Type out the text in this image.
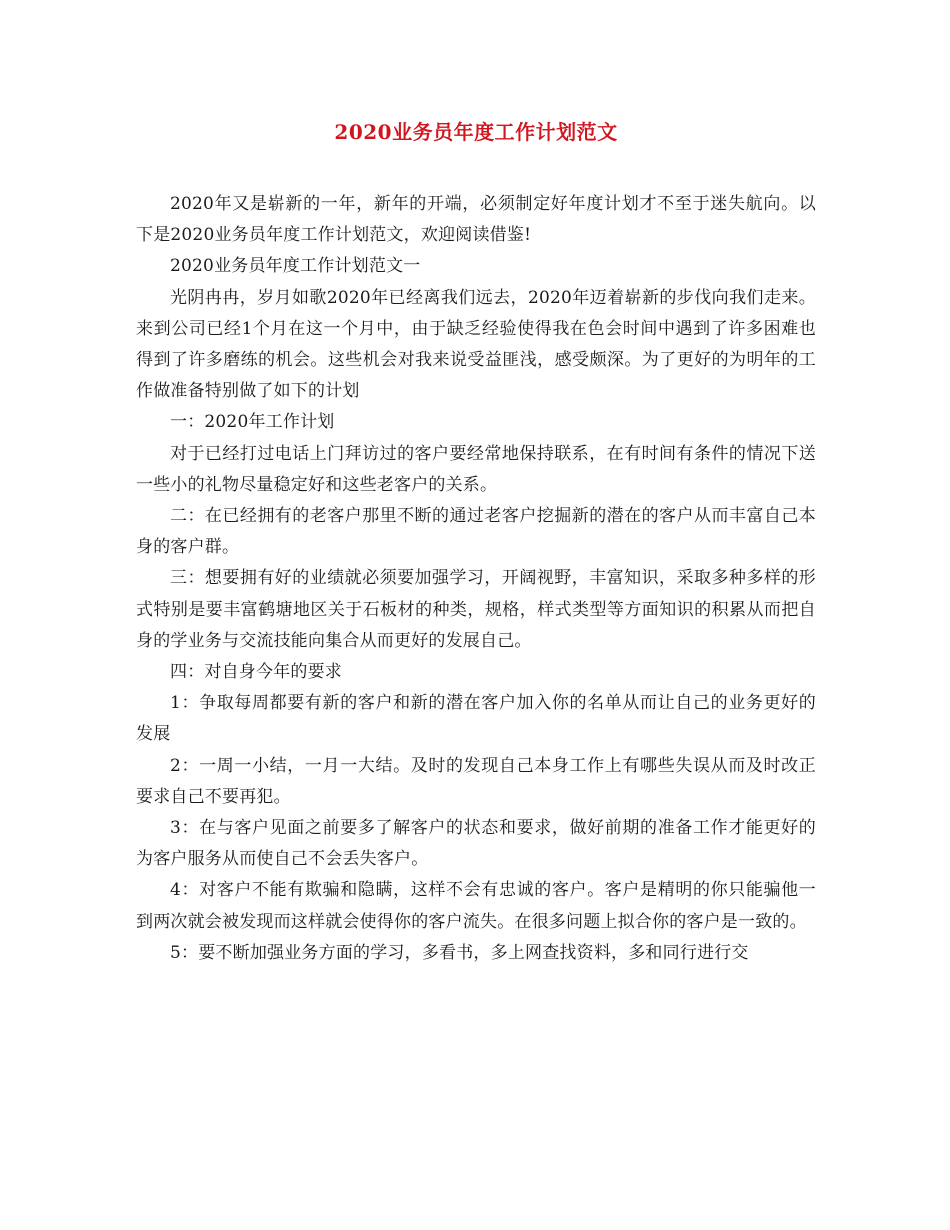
2020业务员年度工作计划范文

2020年又是崭新的一年，新年的开端，必须制定好年度计划才不至于迷失航向。以下是2020业务员年度工作计划范文，欢迎阅读借鉴!

2020业务员年度工作计划范文一

光阴冉冉，岁月如歌2020年已经离我们远去，2020年迈着崭新的步伐向我们走来。来到公司已经1个月在这一个月中，由于缺乏经验使得我在色会时间中遇到了许多困难也得到了许多磨练的机会。这些机会对我来说受益匪浅，感受颇深。为了更好的为明年的工作做准备特别做了如下的计划

一：2020年工作计划

对于已经打过电话上门拜访过的客户要经常地保持联系，在有时间有条件的情况下送一些小的礼物尽量稳定好和这些老客户的关系。

二：在已经拥有的老客户那里不断的通过老客户挖掘新的潜在的客户从而丰富自己本身的客户群。

三：想要拥有好的业绩就必须要加强学习，开阔视野，丰富知识，采取多种多样的形式特别是要丰富鹤塘地区关于石板材的种类，规格，样式类型等方面知识的积累从而把自身的学业务与交流技能向集合从而更好的发展自己。

四：对自身今年的要求

1：争取每周都要有新的客户和新的潜在客户加入你的名单从而让自己的业务更好的发展

2：一周一小结，一月一大结。及时的发现自己本身工作上有哪些失误从而及时改正要求自己不要再犯。

3：在与客户见面之前要多了解客户的状态和要求，做好前期的准备工作才能更好的为客户服务从而使自己不会丢失客户。

4：对客户不能有欺骗和隐瞒，这样不会有忠诚的客户。客户是精明的你只能骗他一到两次就会被发现而这样就会使得你的客户流失。在很多问题上拟合你的客户是一致的。

5：要不断加强业务方面的学习，多看书，多上网查找资料，多和同行进行交
